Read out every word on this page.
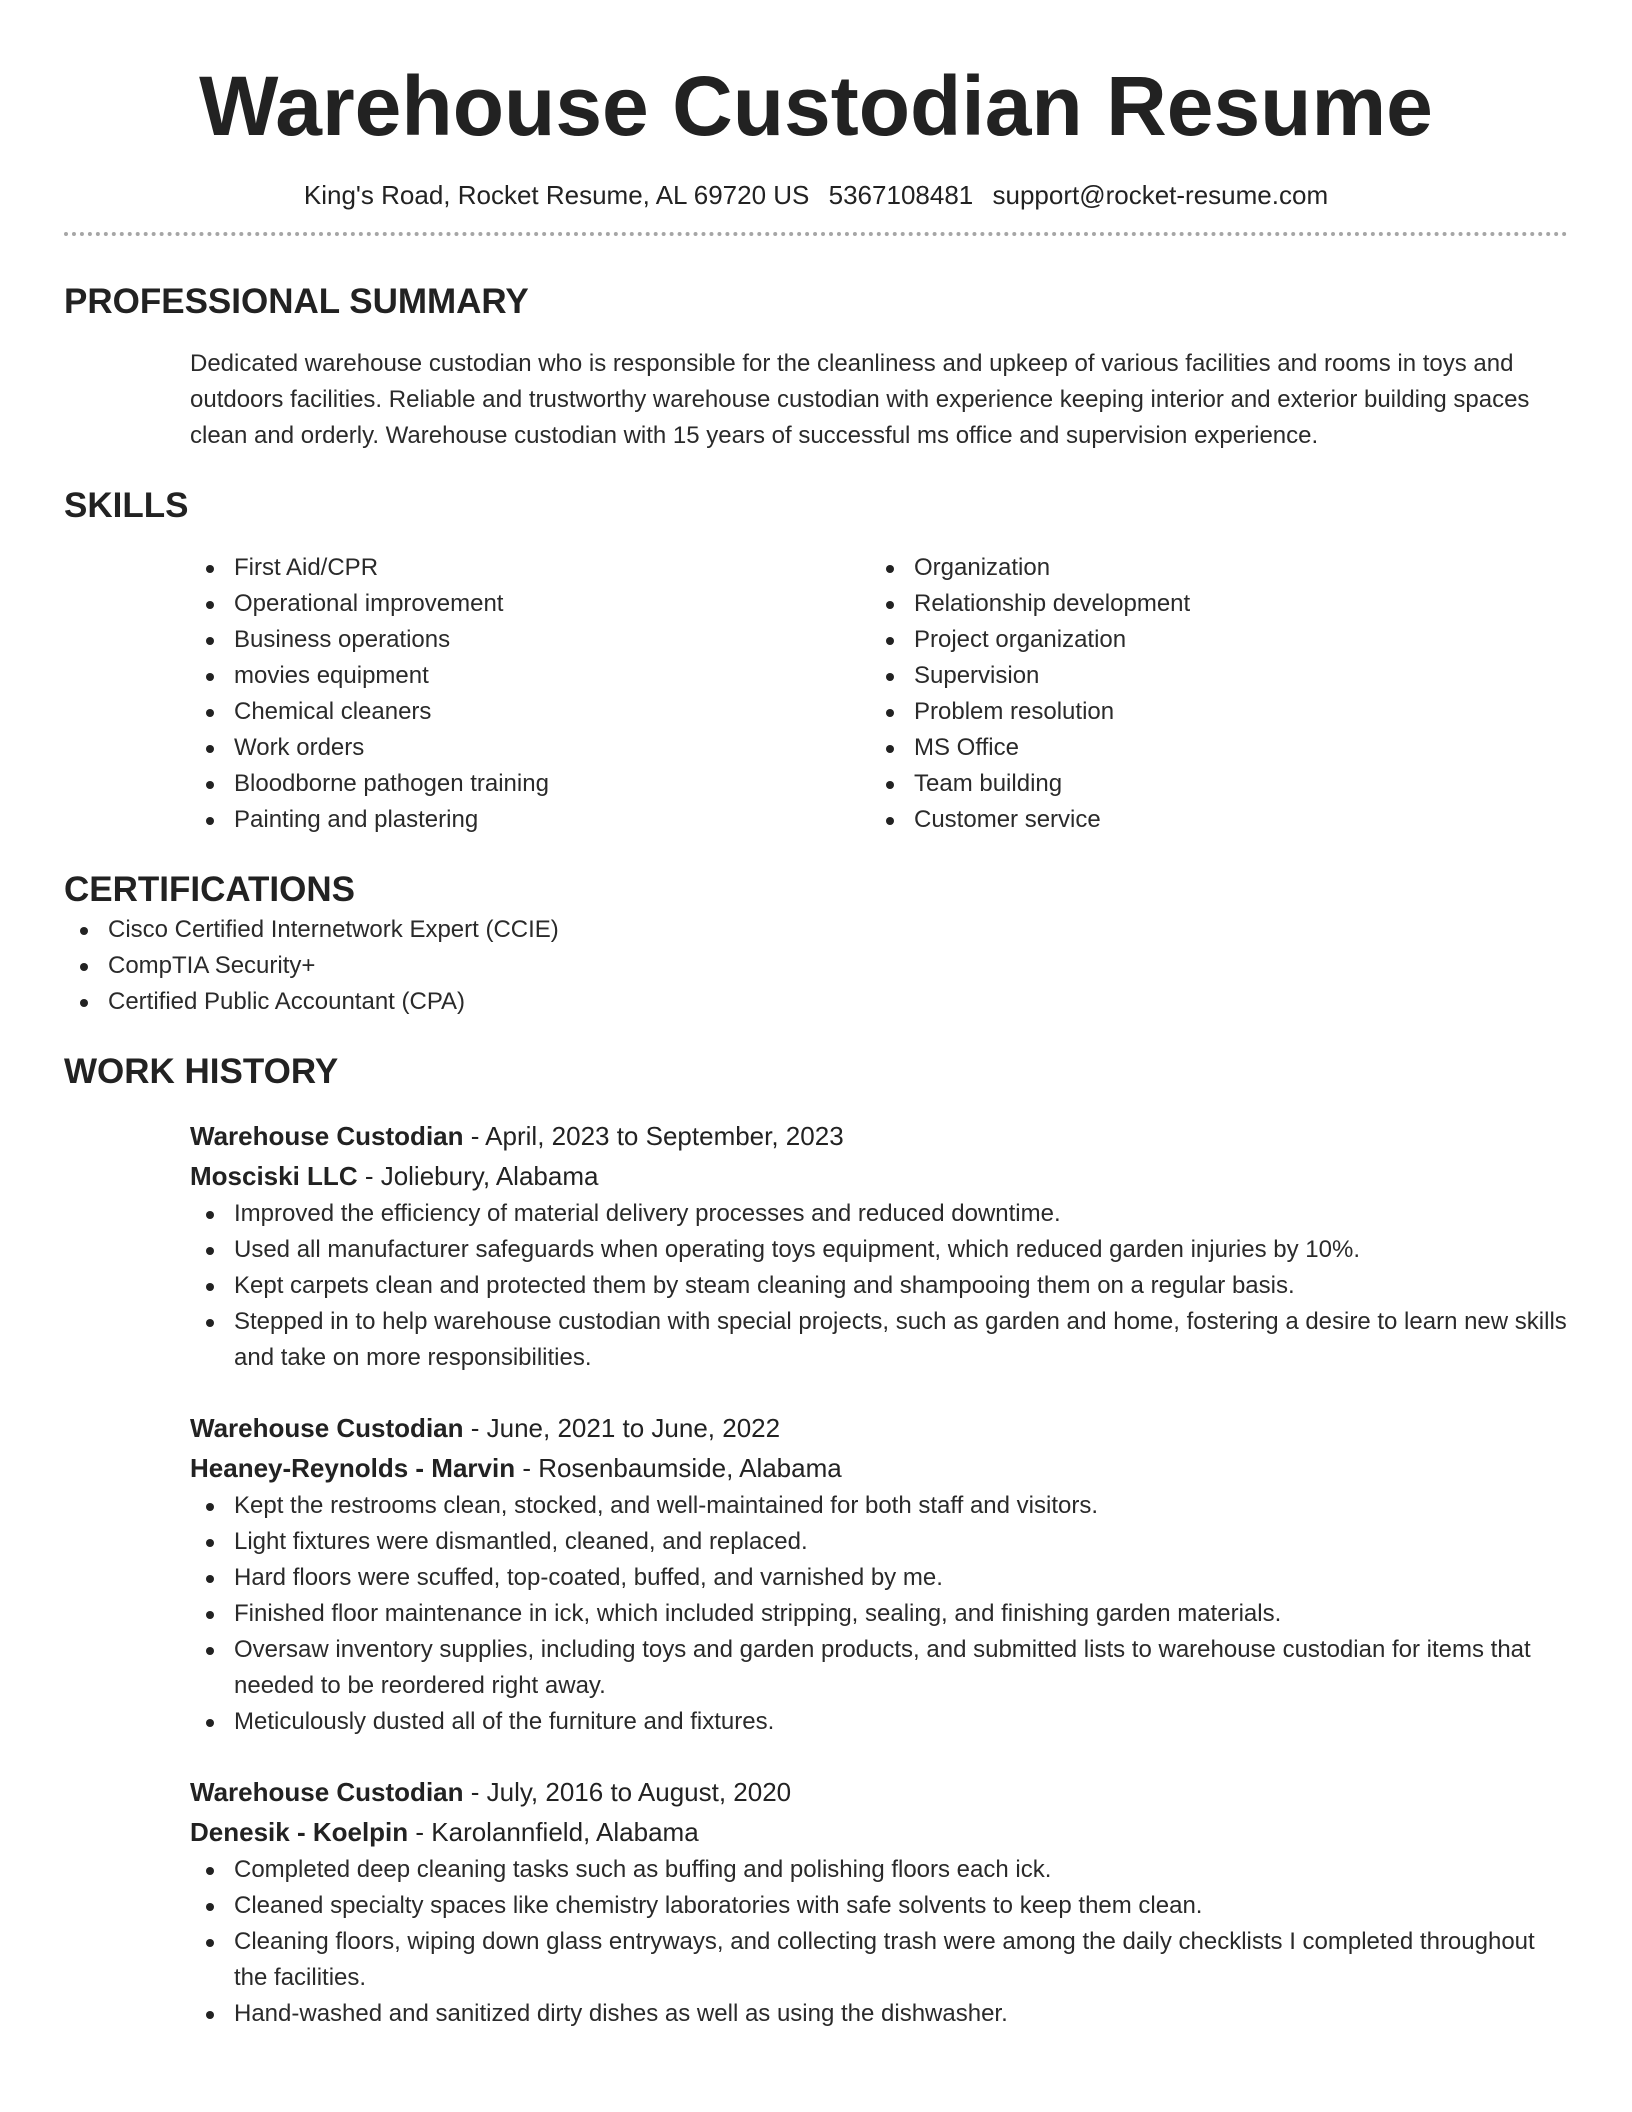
Warehouse Custodian Resume
King's Road, Rocket Resume, AL 69720 US 5367108481 support@rocket-resume.com
PROFESSIONAL SUMMARY

Dedicated warehouse custodian who is responsible for the cleanliness and upkeep of various facilities and rooms in toys and outdoors facilities. Reliable and trustworthy warehouse custodian with experience keeping interior and exterior building spaces clean and orderly. Warehouse custodian with 15 years of successful ms office and supervision experience.

SKILLS
First Aid/CPR
Operational improvement
Business operations
movies equipment
Chemical cleaners
Work orders
Bloodborne pathogen training
Painting and plastering
Organization
Relationship development
Project organization
Supervision
Problem resolution
MS Office
Team building
Customer service
CERTIFICATIONS
Cisco Certified Internetwork Expert (CCIE)
CompTIA Security+
Certified Public Accountant (CPA)
WORK HISTORY
Warehouse Custodian - April, 2023 to September, 2023
Mosciski LLC - Joliebury, Alabama
Improved the efficiency of material delivery processes and reduced downtime.
Used all manufacturer safeguards when operating toys equipment, which reduced garden injuries by 10%.
Kept carpets clean and protected them by steam cleaning and shampooing them on a regular basis.
Stepped in to help warehouse custodian with special projects, such as garden and home, fostering a desire to learn new skills and take on more responsibilities.
Warehouse Custodian - June, 2021 to June, 2022
Heaney-Reynolds - Marvin - Rosenbaumside, Alabama
Kept the restrooms clean, stocked, and well-maintained for both staff and visitors.
Light fixtures were dismantled, cleaned, and replaced.
Hard floors were scuffed, top-coated, buffed, and varnished by me.
Finished floor maintenance in ick, which included stripping, sealing, and finishing garden materials.
Oversaw inventory supplies, including toys and garden products, and submitted lists to warehouse custodian for items that needed to be reordered right away.
Meticulously dusted all of the furniture and fixtures.
Warehouse Custodian - July, 2016 to August, 2020
Denesik - Koelpin - Karolannfield, Alabama
Completed deep cleaning tasks such as buffing and polishing floors each ick.
Cleaned specialty spaces like chemistry laboratories with safe solvents to keep them clean.
Cleaning floors, wiping down glass entryways, and collecting trash were among the daily checklists I completed throughout the facilities.
Hand-washed and sanitized dirty dishes as well as using the dishwasher.
